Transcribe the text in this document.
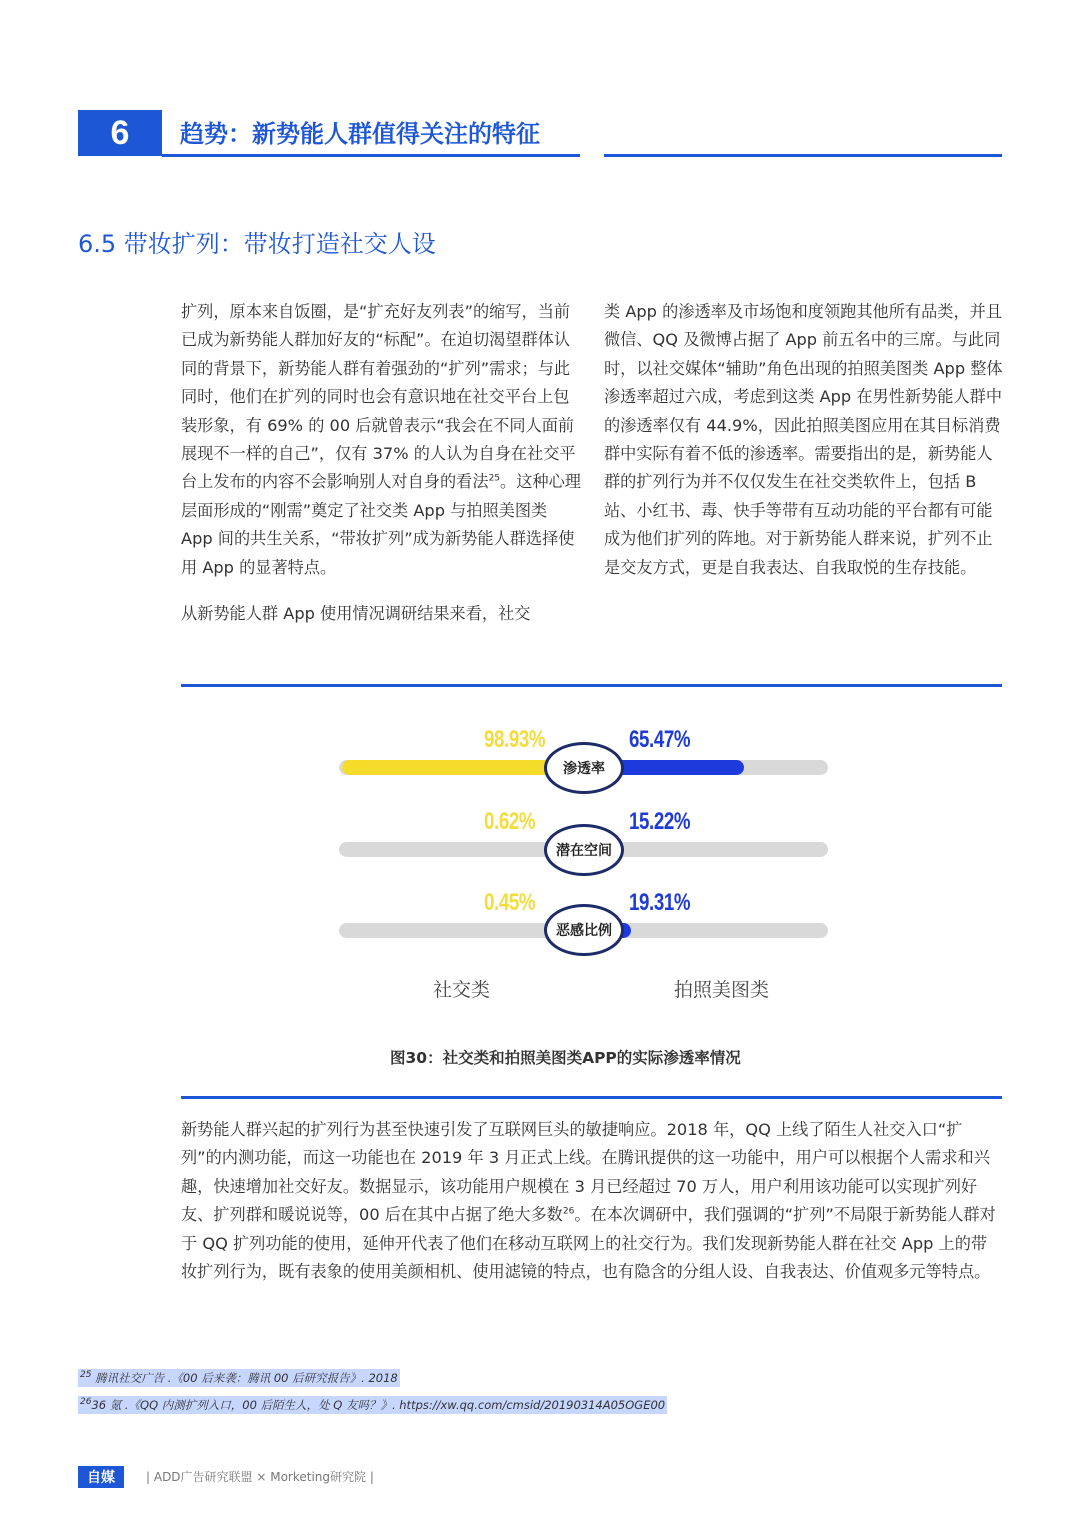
6	趋势：新势能人群值得关注的特征
6.5 带妆扩列：带妆打造社交人设

扩列，原本来自饭圈，是“扩充好友列表”的缩写，当前已成为新势能人群加好友的“标配”。在迫切渴望群体认同的背景下，新势能人群有着强劲的“扩列”需求；与此同时，他们在扩列的同时也会有意识地在社交平台上包装形象，有 69% 的 00 后就曾表示“我会在不同人面前展现不一样的自己”，仅有 37% 的人认为自身在社交平台上发布的内容不会影响别人对自身的看法$^{25}$。这种心理层面形成的“刚需”奠定了社交类 App 与拍照美图类 App 间的共生关系，“带妆扩列”成为新势能人群选择使用 App 的显著特点。

从新势能人群 App 使用情况调研结果来看，社交

类 App 的渗透率及市场饱和度领跑其他所有品类，并且微信、QQ 及微博占据了 App 前五名中的三席。与此同时，以社交媒体“辅助”角色出现的拍照美图类 App 整体渗透率超过六成，考虑到这类 App 在男性新势能人群中的渗透率仅有 44.9%，因此拍照美图应用在其目标消费群中实际有着不低的渗透率。需要指出的是，新势能人群的扩列行为并不仅仅发生在社交类软件上，包括 B 站、小红书、毒、快手等带有互动功能的平台都有可能成为他们扩列的阵地。对于新势能人群来说，扩列不止是交友方式，更是自我表达、自我取悦的生存技能。

98.93%	65.47%
渗透率
0.62%	15.22%
潜在空间
0.45%	19.31%
恶感比例
社交类	拍照美图类
图30：社交类和拍照美图类APP的实际渗透率情况
新势能人群兴起的扩列行为甚至快速引发了互联网巨头的敏捷响应。2018 年，QQ 上线了陌生人社交入口“扩列”的内测功能，而这一功能也在 2019 年 3 月正式上线。在腾讯提供的这一功能中，用户可以根据个人需求和兴趣，快速增加社交好友。数据显示，该功能用户规模在 3 月已经超过 70 万人，用户利用该功能可以实现扩列好友、扩列群和暖说说等，00 后在其中占据了绝大多数$^{26}$。在本次调研中，我们强调的“扩列”不局限于新势能人群对于 QQ 扩列功能的使用，延伸开代表了他们在移动互联网上的社交行为。我们发现新势能人群在社交 App 上的带妆扩列行为，既有表象的使用美颜相机、使用滤镜的特点，也有隐含的分组人设、自我表达、价值观多元等特点。
$^{25}$ 腾讯社交广告 .《00 后来袭：腾讯 00 后研究报告》. 2018
$^{26}$36 氪 .《QQ 内测扩列入口，00 后陌生人，处 Q 友吗？》. https://xw.qq.com/cmsid/20190314A05OGE00
自媒	| ADD广告研究联盟 × Morketing研究院 |
